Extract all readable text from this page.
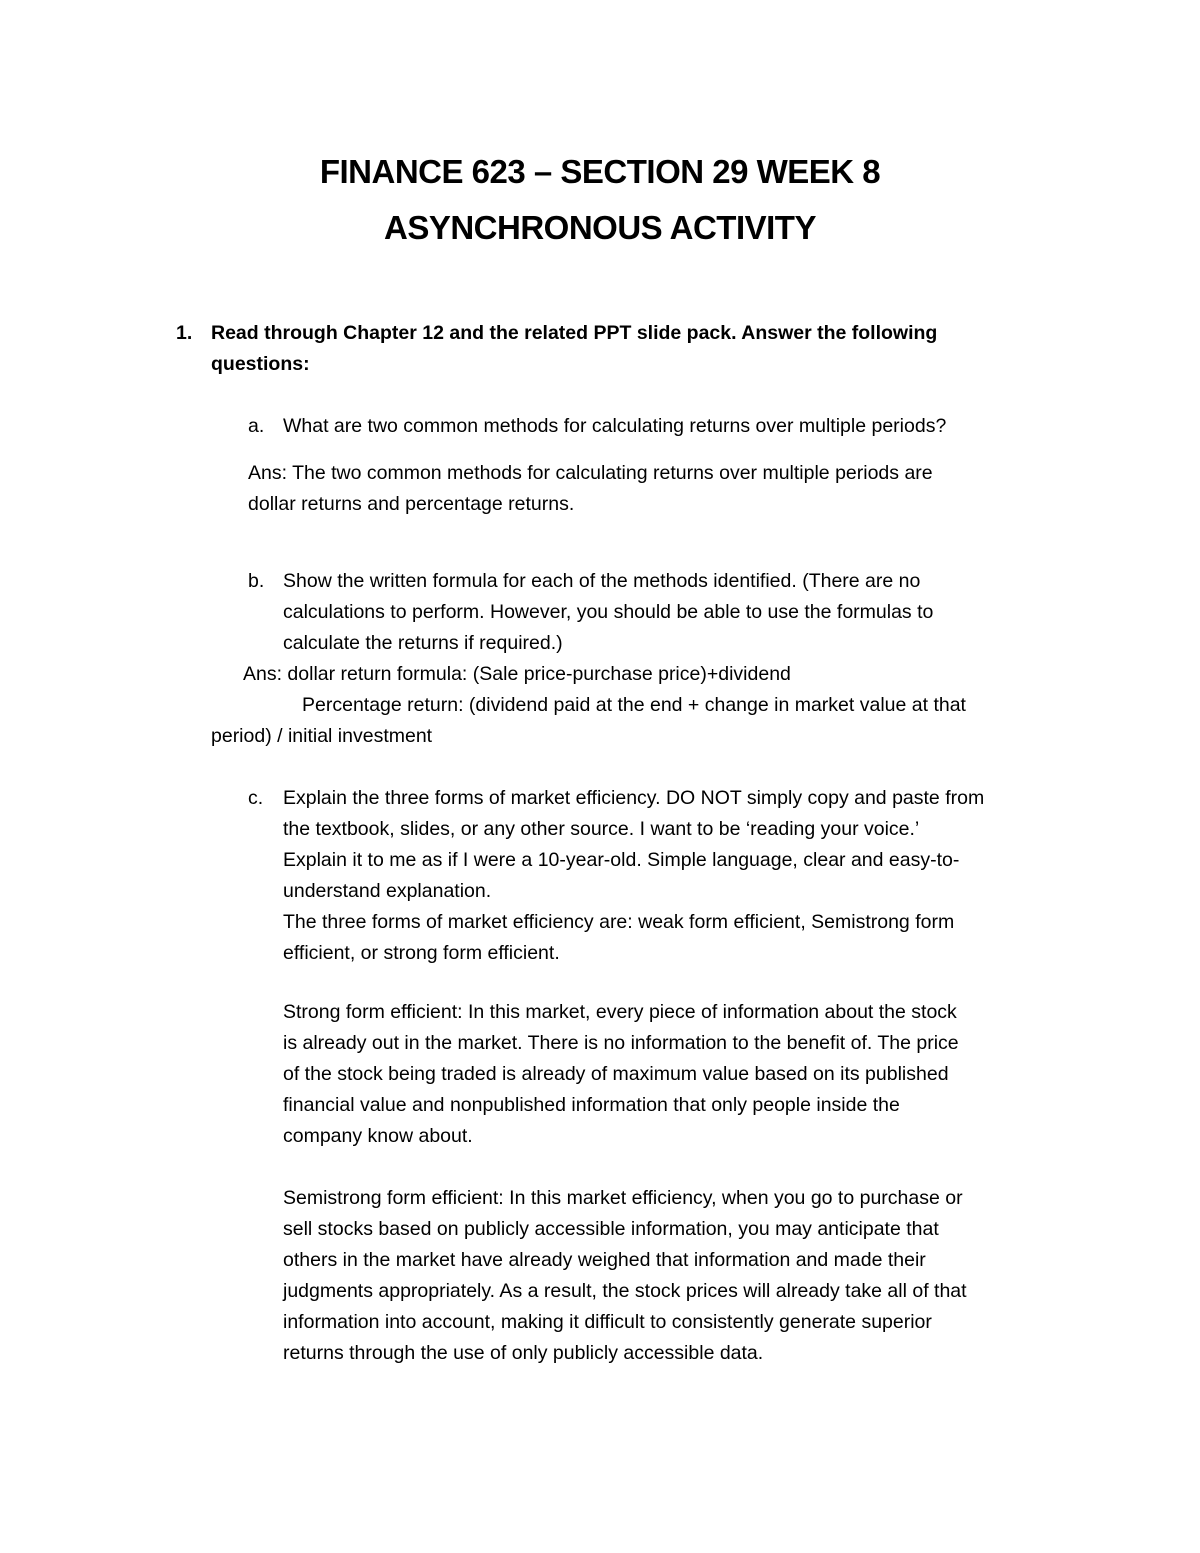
FINANCE 623 – SECTION 29 WEEK 8
ASYNCHRONOUS ACTIVITY
1. Read through Chapter 12 and the related PPT slide pack. Answer the following
questions:
a. What are two common methods for calculating returns over multiple periods?
Ans: The two common methods for calculating returns over multiple periods are
dollar returns and percentage returns.
b. Show the written formula for each of the methods identified. (There are no
calculations to perform. However, you should be able to use the formulas to
calculate the returns if required.)
Ans: dollar return formula: (Sale price-purchase price)+dividend
Percentage return: (dividend paid at the end + change in market value at that
period) / initial investment
c. Explain the three forms of market efficiency. DO NOT simply copy and paste from
the textbook, slides, or any other source. I want to be ‘reading your voice.’
Explain it to me as if I were a 10-year-old. Simple language, clear and easy-to-
understand explanation.
The three forms of market efficiency are: weak form efficient, Semistrong form
efficient, or strong form efficient.
Strong form efficient: In this market, every piece of information about the stock
is already out in the market. There is no information to the benefit of. The price
of the stock being traded is already of maximum value based on its published
financial value and nonpublished information that only people inside the
company know about.
Semistrong form efficient: In this market efficiency, when you go to purchase or
sell stocks based on publicly accessible information, you may anticipate that
others in the market have already weighed that information and made their
judgments appropriately. As a result, the stock prices will already take all of that
information into account, making it difficult to consistently generate superior
returns through the use of only publicly accessible data.
